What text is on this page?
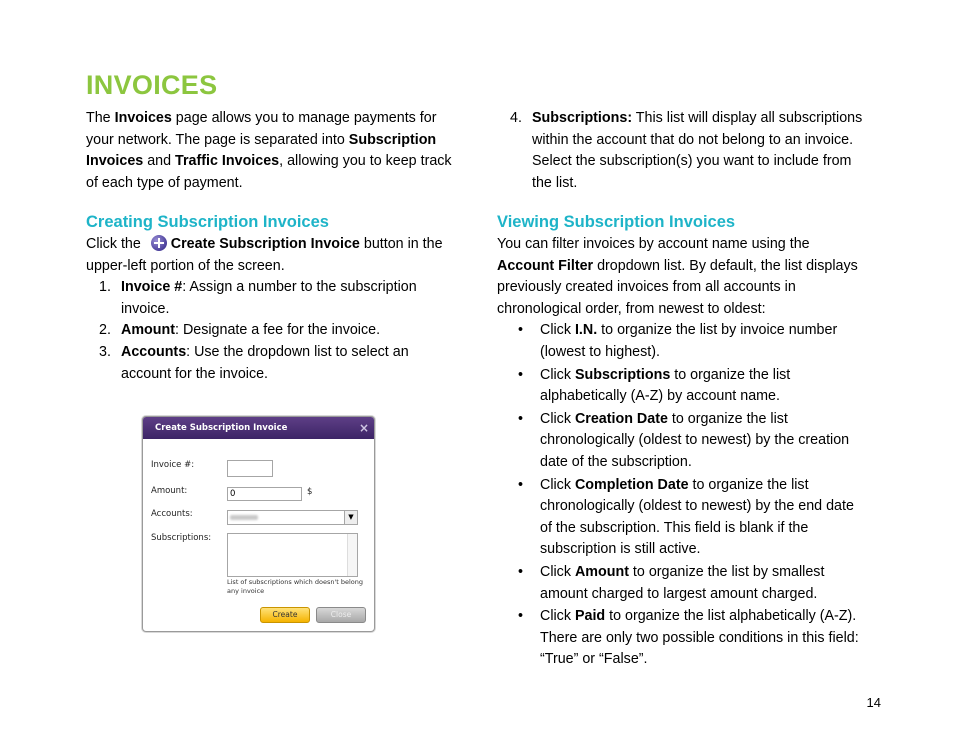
INVOICES
The Invoices page allows you to manage payments for your network. The page is separated into Subscription Invoices and Traffic Invoices, allowing you to keep track of each type of payment.
Creating Subscription Invoices
Click the Create Subscription Invoice button in the upper-left portion of the screen.
1. Invoice #: Assign a number to the subscription invoice.
2. Amount: Designate a fee for the invoice.
3. Accounts: Use the dropdown list to select an account for the invoice.
Create Subscription Invoice	×
Invoice #:
Amount:	0	$
Accounts:	▼
Subscriptions:
List of subscriptions which doesn't belong any invoice
Create	Close
4. Subscriptions: This list will display all subscriptions within the account that do not belong to an invoice. Select the subscription(s) you want to include from the list.
Viewing Subscription Invoices
You can filter invoices by account name using the Account Filter dropdown list. By default, the list displays previously created invoices from all accounts in chronological order, from newest to oldest:
• Click I.N. to organize the list by invoice number (lowest to highest).
• Click Subscriptions to organize the list alphabetically (A-Z) by account name.
• Click Creation Date to organize the list chronologically (oldest to newest) by the creation date of the subscription.
• Click Completion Date to organize the list chronologically (oldest to newest) by the end date of the subscription. This field is blank if the subscription is still active.
• Click Amount to organize the list by smallest amount charged to largest amount charged.
• Click Paid to organize the list alphabetically (A-Z). There are only two possible conditions in this field: “True” or “False”.
14
